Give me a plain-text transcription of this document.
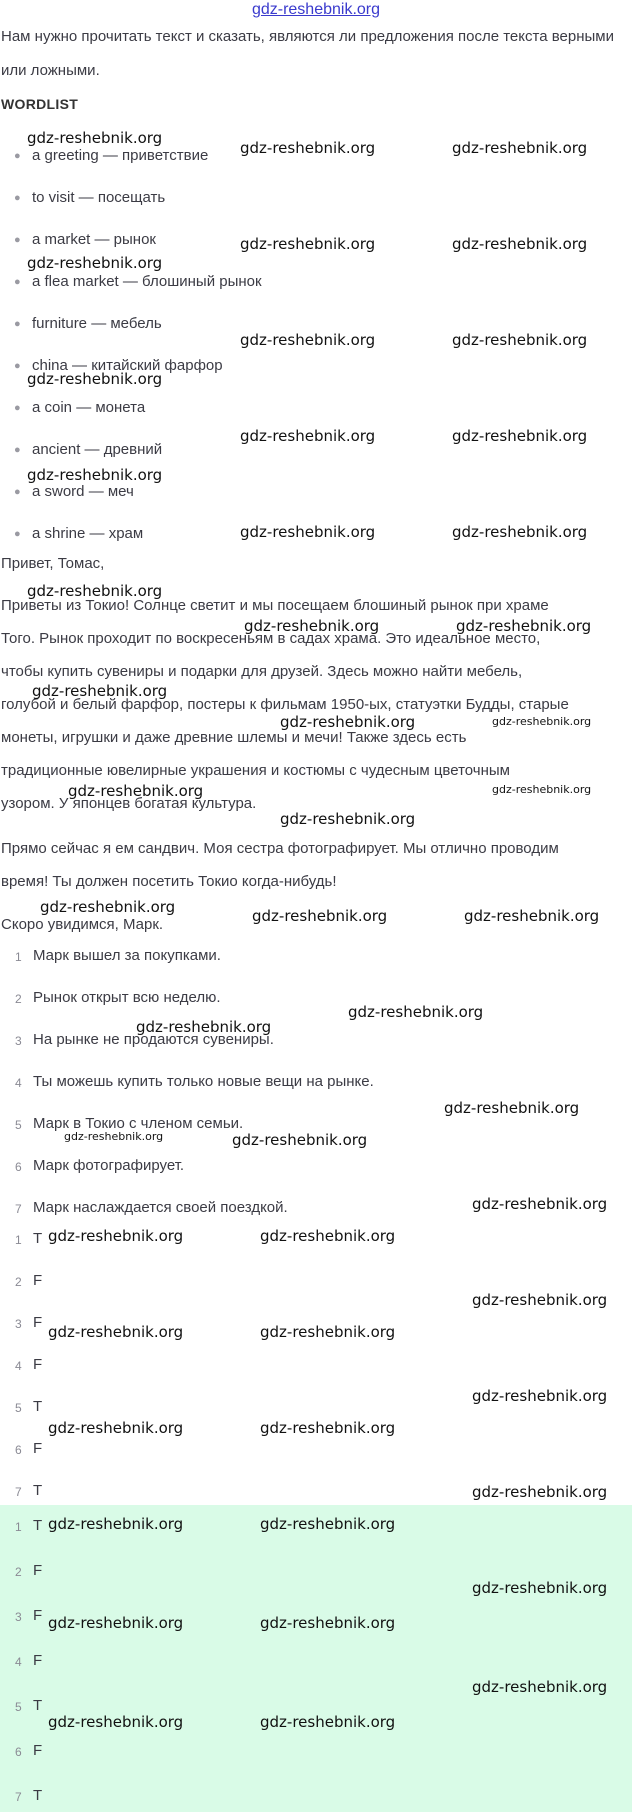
gdz-reshebnik.org
Нам нужно прочитать текст и сказать, являются ли предложения после текста верными или ложными.
WORDLIST
● a greeting — приветствие
● to visit — посещать
● a market — рынок
● a flea market — блошиный рынок
● furniture — мебель
● china — китайский фарфор
● a coin — монета
● ancient — древний
● a sword — меч
● a shrine — храм

Привет, Томас,

Приветы из Токио! Солнце светит и мы посещаем блошиный рынок при храме

Того. Рынок проходит по воскресеньям в садах храма. Это идеальное место,

чтобы купить сувениры и подарки для друзей. Здесь можно найти мебель,

голубой и белый фарфор, постеры к фильмам 1950-ых, статуэтки Будды, старые

монеты, игрушки и даже древние шлемы и мечи! Также здесь есть

традиционные ювелирные украшения и костюмы с чудесным цветочным

узором. У японцев богатая культура.

Прямо сейчас я ем сандвич. Моя сестра фотографирует. Мы отлично проводим

время! Ты должен посетить Токио когда-нибудь!

Скоро увидимся, Марк.

1 Марк вышел за покупками.
2 Рынок открыт всю неделю.
3 На рынке не продаются сувениры.
4 Ты можешь купить только новые вещи на рынке.
5 Марк в Токио с членом семьи.
6 Марк фотографирует.
7 Марк наслаждается своей поездкой.
1 T
2 F
3 F
4 F
5 T
6 F
7 T
1 T
2 F
3 F
4 F
5 T
6 F
7 T
gdz-reshebnik.org
gdz-reshebnik.org	gdz-reshebnik.org
gdz-reshebnik.org	gdz-reshebnik.org
gdz-reshebnik.org
gdz-reshebnik.org	gdz-reshebnik.org
gdz-reshebnik.org
gdz-reshebnik.org	gdz-reshebnik.org
gdz-reshebnik.org
gdz-reshebnik.org	gdz-reshebnik.org
gdz-reshebnik.org
gdz-reshebnik.org	gdz-reshebnik.org
gdz-reshebnik.org
gdz-reshebnik.org	gdz-reshebnik.org
gdz-reshebnik.org	gdz-reshebnik.org
gdz-reshebnik.org
gdz-reshebnik.org	gdz-reshebnik.org	gdz-reshebnik.org
gdz-reshebnik.org
gdz-reshebnik.org
gdz-reshebnik.org
gdz-reshebnik.org	gdz-reshebnik.org
gdz-reshebnik.org
gdz-reshebnik.org	gdz-reshebnik.org
gdz-reshebnik.org
gdz-reshebnik.org	gdz-reshebnik.org
gdz-reshebnik.org
gdz-reshebnik.org	gdz-reshebnik.org
gdz-reshebnik.org
gdz-reshebnik.org	gdz-reshebnik.org
gdz-reshebnik.org
gdz-reshebnik.org	gdz-reshebnik.org
gdz-reshebnik.org
gdz-reshebnik.org	gdz-reshebnik.org
